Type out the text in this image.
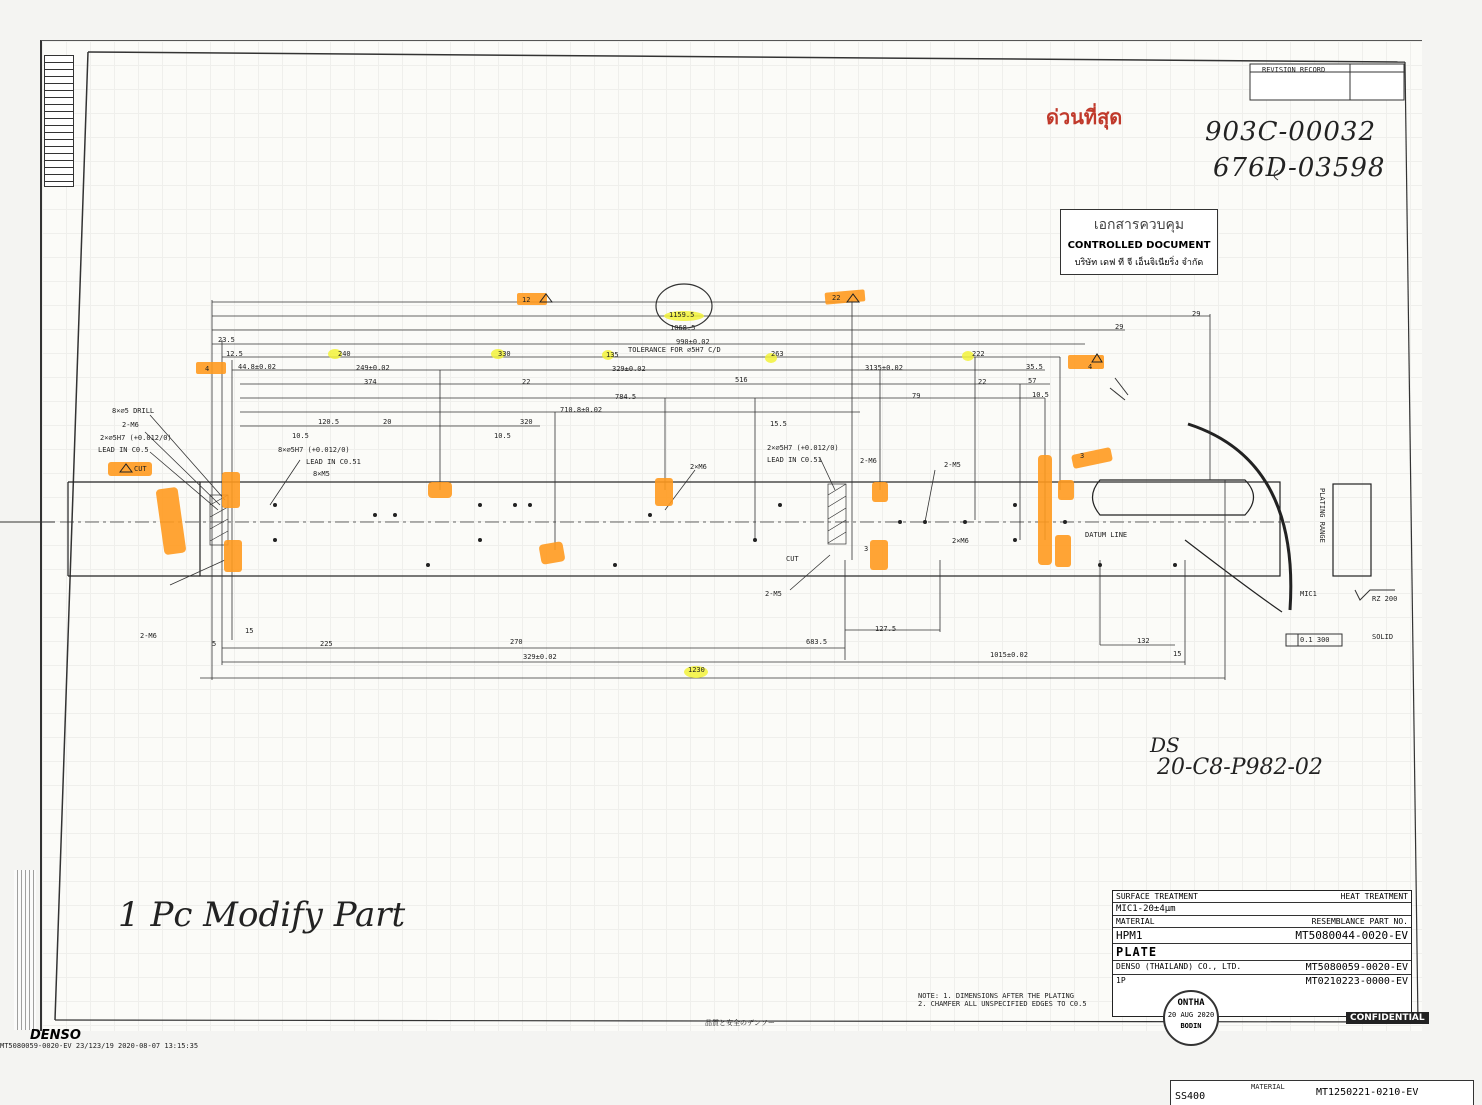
1159.5
1068.5
990±0.02
TOLERANCE FOR ⌀5H7 C/D
23.5
12.5
44.8±0.02	249±0.02
374	22	516
784.5
710.8±0.02
120.5	320
20
10.5
15.5
3135±0.02	35.5
57
10.5
79
22
29
29
240	330	135	263	222
329±0.02
10.5
225	270	683.5
127.5
132
329±0.02	1015±0.02
1230
15
15
5
8×⌀5 DRILL
2-M6
2×⌀5H7 (+0.012/0)
LEAD IN C0.5
CUT
8×⌀5H7 (+0.012/0)
LEAD IN C0.51
8×M5
2×M6
2×⌀5H7 (+0.012/0)
LEAD IN C0.51	2-M6	2-M5
2-M6
2×M6
2-M5
CUT
PLATING RANGE
MIC1
RZ 200
SOLID
0.1 300
12	22
4	4
3
3
DATUM LINE
ด่วนที่สุด	903C-00032
676D-03598
เอกสารควบคุม
CONTROLLED DOCUMENT
บริษัท เดฟ ที จี เอ็นจิเนียริ่ง จำกัด
DS
20-C8-P982-02
1 Pc Modify Part
NOTE: 1. DIMENSIONS AFTER THE PLATING
2. CHAMFER ALL UNSPECIFIED EDGES TO C0.5
品質と安全のデンソー
SURFACE TREATMENT	HEAT TREATMENT
MIC1-20±4μm
MATERIAL	RESEMBLANCE PART NO.
HPM1	MT5080044-0020-EV
PLATE
DENSO (THAILAND) CO., LTD.	MT5080059-0020-EV
1P	MT0210223-0000-EV
CONFIDENTIAL
REVISION RECORD
ONTHA
20 AUG 2020
BODIN
DENSO
MT5080059-0020-EV 23/123/19 2020-08-07 13:15:35
SS400
MATERIAL	MT1250221-0210-EV
